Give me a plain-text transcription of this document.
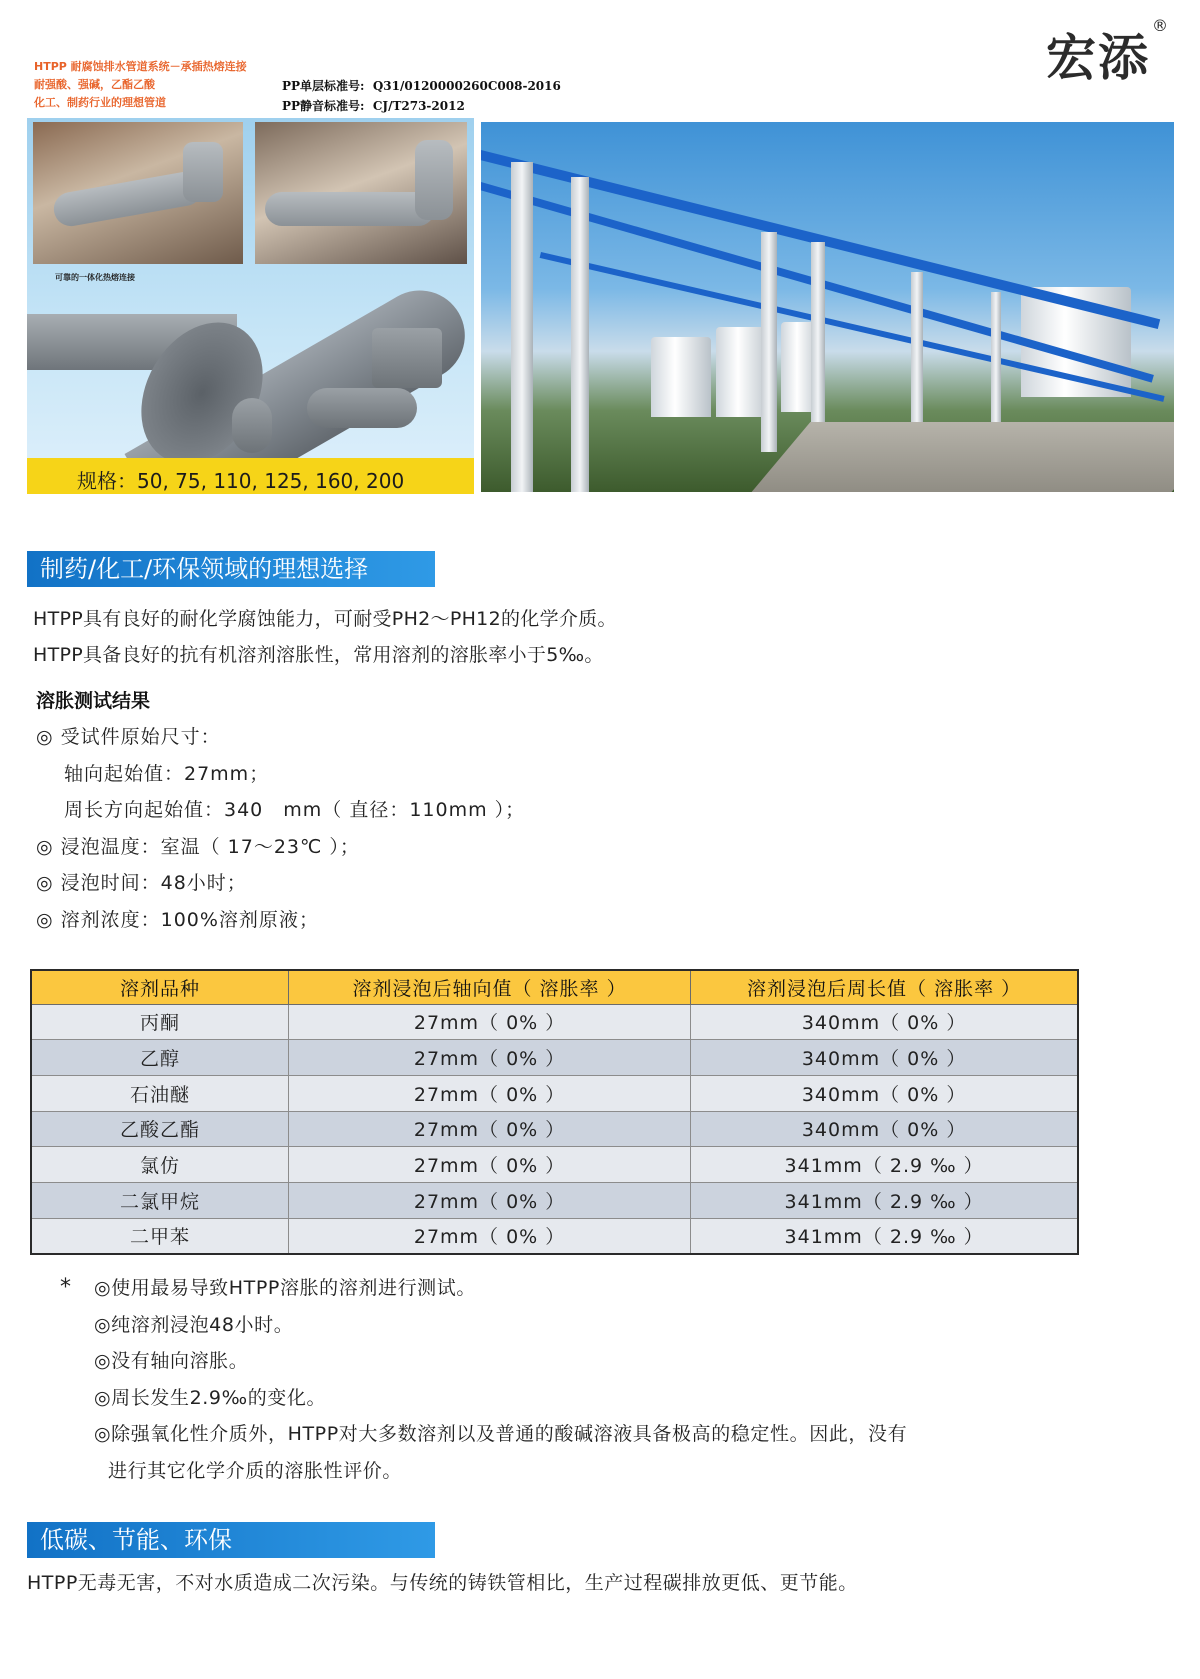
宏添®
HTPP 耐腐蚀排水管道系统－承插热熔连接
耐强酸、强碱，乙酯乙酸
化工、制药行业的理想管道
PP单层标准号: Q31/0120000260C008-2016
PP静音标准号: CJ/T273-2012
可靠的一体化热熔连接
规格：50, 75, 110, 125, 160, 200
制药/化工/环保领域的理想选择
HTPP具有良好的耐化学腐蚀能力，可耐受PH2～PH12的化学介质。
HTPP具备良好的抗有机溶剂溶胀性，常用溶剂的溶胀率小于5‰。
溶胀测试结果
◎ 受试件原始尺寸：
轴向起始值：27mm；
周长方向起始值：340　mm（ 直径：110mm ）；
◎ 浸泡温度：室温（ 17～23℃ ）；
◎ 浸泡时间：48小时；
◎ 溶剂浓度：100%溶剂原液；
溶剂品种	溶剂浸泡后轴向值（ 溶胀率 ）	溶剂浸泡后周长值（ 溶胀率 ）
丙酮	27mm（ 0% ）	340mm（ 0% ）
乙醇	27mm（ 0% ）	340mm（ 0% ）
石油醚	27mm（ 0% ）	340mm（ 0% ）
乙酸乙酯	27mm（ 0% ）	340mm（ 0% ）
氯仿	27mm（ 0% ）	341mm（ 2.9 ‰ ）
二氯甲烷	27mm（ 0% ）	341mm（ 2.9 ‰ ）
二甲苯	27mm（ 0% ）	341mm（ 2.9 ‰ ）
* ◎使用最易导致HTPP溶胀的溶剂进行测试。
◎纯溶剂浸泡48小时。
◎没有轴向溶胀。
◎周长发生2.9‰的变化。
◎除强氧化性介质外，HTPP对大多数溶剂以及普通的酸碱溶液具备极高的稳定性。因此，没有
进行其它化学介质的溶胀性评价。
低碳、节能、环保
HTPP无毒无害，不对水质造成二次污染。与传统的铸铁管相比，生产过程碳排放更低、更节能。
